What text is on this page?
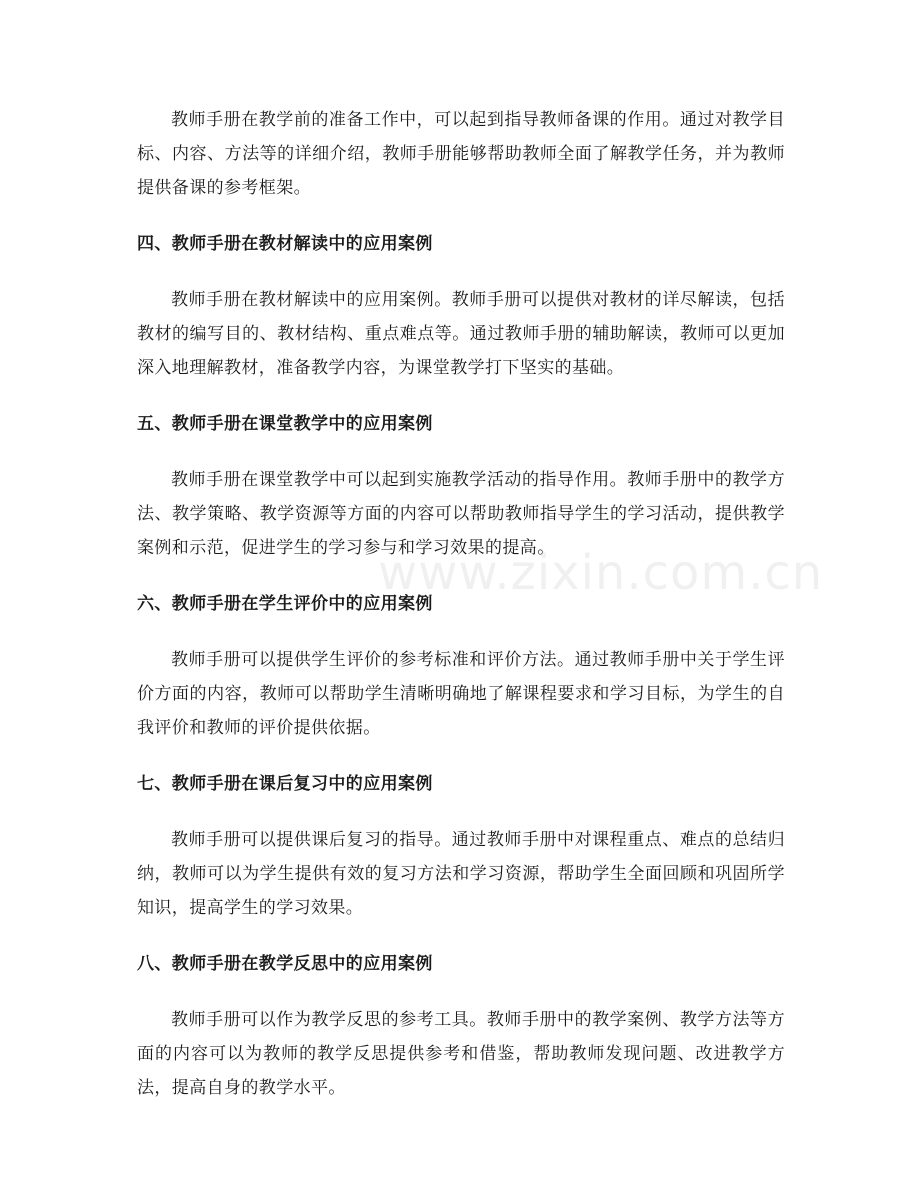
www.zixin.com.cn

教师手册在教学前的准备工作中，可以起到指导教师备课的作用。通过对教学目标、内容、方法等的详细介绍，教师手册能够帮助教师全面了解教学任务，并为教师提供备课的参考框架。

四、教师手册在教材解读中的应用案例

教师手册在教材解读中的应用案例。教师手册可以提供对教材的详尽解读，包括教材的编写目的、教材结构、重点难点等。通过教师手册的辅助解读，教师可以更加深入地理解教材，准备教学内容，为课堂教学打下坚实的基础。

五、教师手册在课堂教学中的应用案例

教师手册在课堂教学中可以起到实施教学活动的指导作用。教师手册中的教学方法、教学策略、教学资源等方面的内容可以帮助教师指导学生的学习活动，提供教学案例和示范，促进学生的学习参与和学习效果的提高。

六、教师手册在学生评价中的应用案例

教师手册可以提供学生评价的参考标准和评价方法。通过教师手册中关于学生评价方面的内容，教师可以帮助学生清晰明确地了解课程要求和学习目标，为学生的自我评价和教师的评价提供依据。

七、教师手册在课后复习中的应用案例

教师手册可以提供课后复习的指导。通过教师手册中对课程重点、难点的总结归纳，教师可以为学生提供有效的复习方法和学习资源，帮助学生全面回顾和巩固所学知识，提高学生的学习效果。

八、教师手册在教学反思中的应用案例

教师手册可以作为教学反思的参考工具。教师手册中的教学案例、教学方法等方面的内容可以为教师的教学反思提供参考和借鉴，帮助教师发现问题、改进教学方法，提高自身的教学水平。
